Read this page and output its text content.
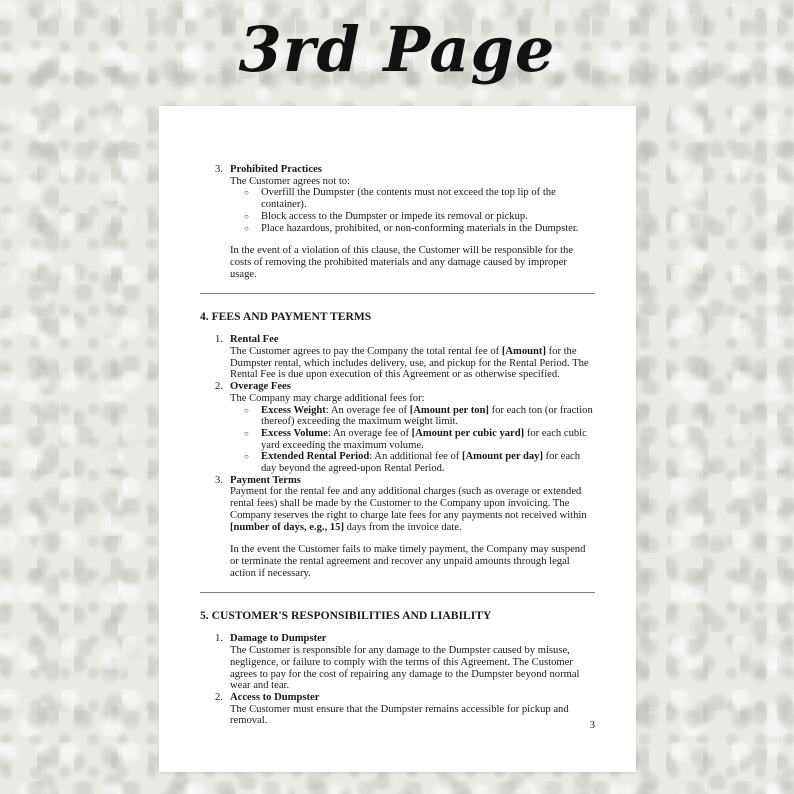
3rd Page
3. Prohibited Practices
The Customer agrees not to:
○ Overfill the Dumpster (the contents must not exceed the top lip of the container).
○ Block access to the Dumpster or impede its removal or pickup.
○ Place hazardous, prohibited, or non-conforming materials in the Dumpster.
In the event of a violation of this clause, the Customer will be responsible for the costs of removing the prohibited materials and any damage caused by improper usage.
4. FEES AND PAYMENT TERMS
1. Rental Fee
The Customer agrees to pay the Company the total rental fee of [Amount] for the Dumpster rental, which includes delivery, use, and pickup for the Rental Period. The Rental Fee is due upon execution of this Agreement or as otherwise specified.
2. Overage Fees
The Company may charge additional fees for:
○ Excess Weight: An overage fee of [Amount per ton] for each ton (or fraction thereof) exceeding the maximum weight limit.
○ Excess Volume: An overage fee of [Amount per cubic yard] for each cubic yard exceeding the maximum volume.
○ Extended Rental Period: An additional fee of [Amount per day] for each day beyond the agreed-upon Rental Period.
3. Payment Terms
Payment for the rental fee and any additional charges (such as overage or extended rental fees) shall be made by the Customer to the Company upon invoicing. The Company reserves the right to charge late fees for any payments not received within [number of days, e.g., 15] days from the invoice date.
In the event the Customer fails to make timely payment, the Company may suspend or terminate the rental agreement and recover any unpaid amounts through legal action if necessary.
5. CUSTOMER'S RESPONSIBILITIES AND LIABILITY
1. Damage to Dumpster
The Customer is responsible for any damage to the Dumpster caused by misuse, negligence, or failure to comply with the terms of this Agreement. The Customer agrees to pay for the cost of repairing any damage to the Dumpster beyond normal wear and tear.
2. Access to Dumpster
The Customer must ensure that the Dumpster remains accessible for pickup and removal.	3
